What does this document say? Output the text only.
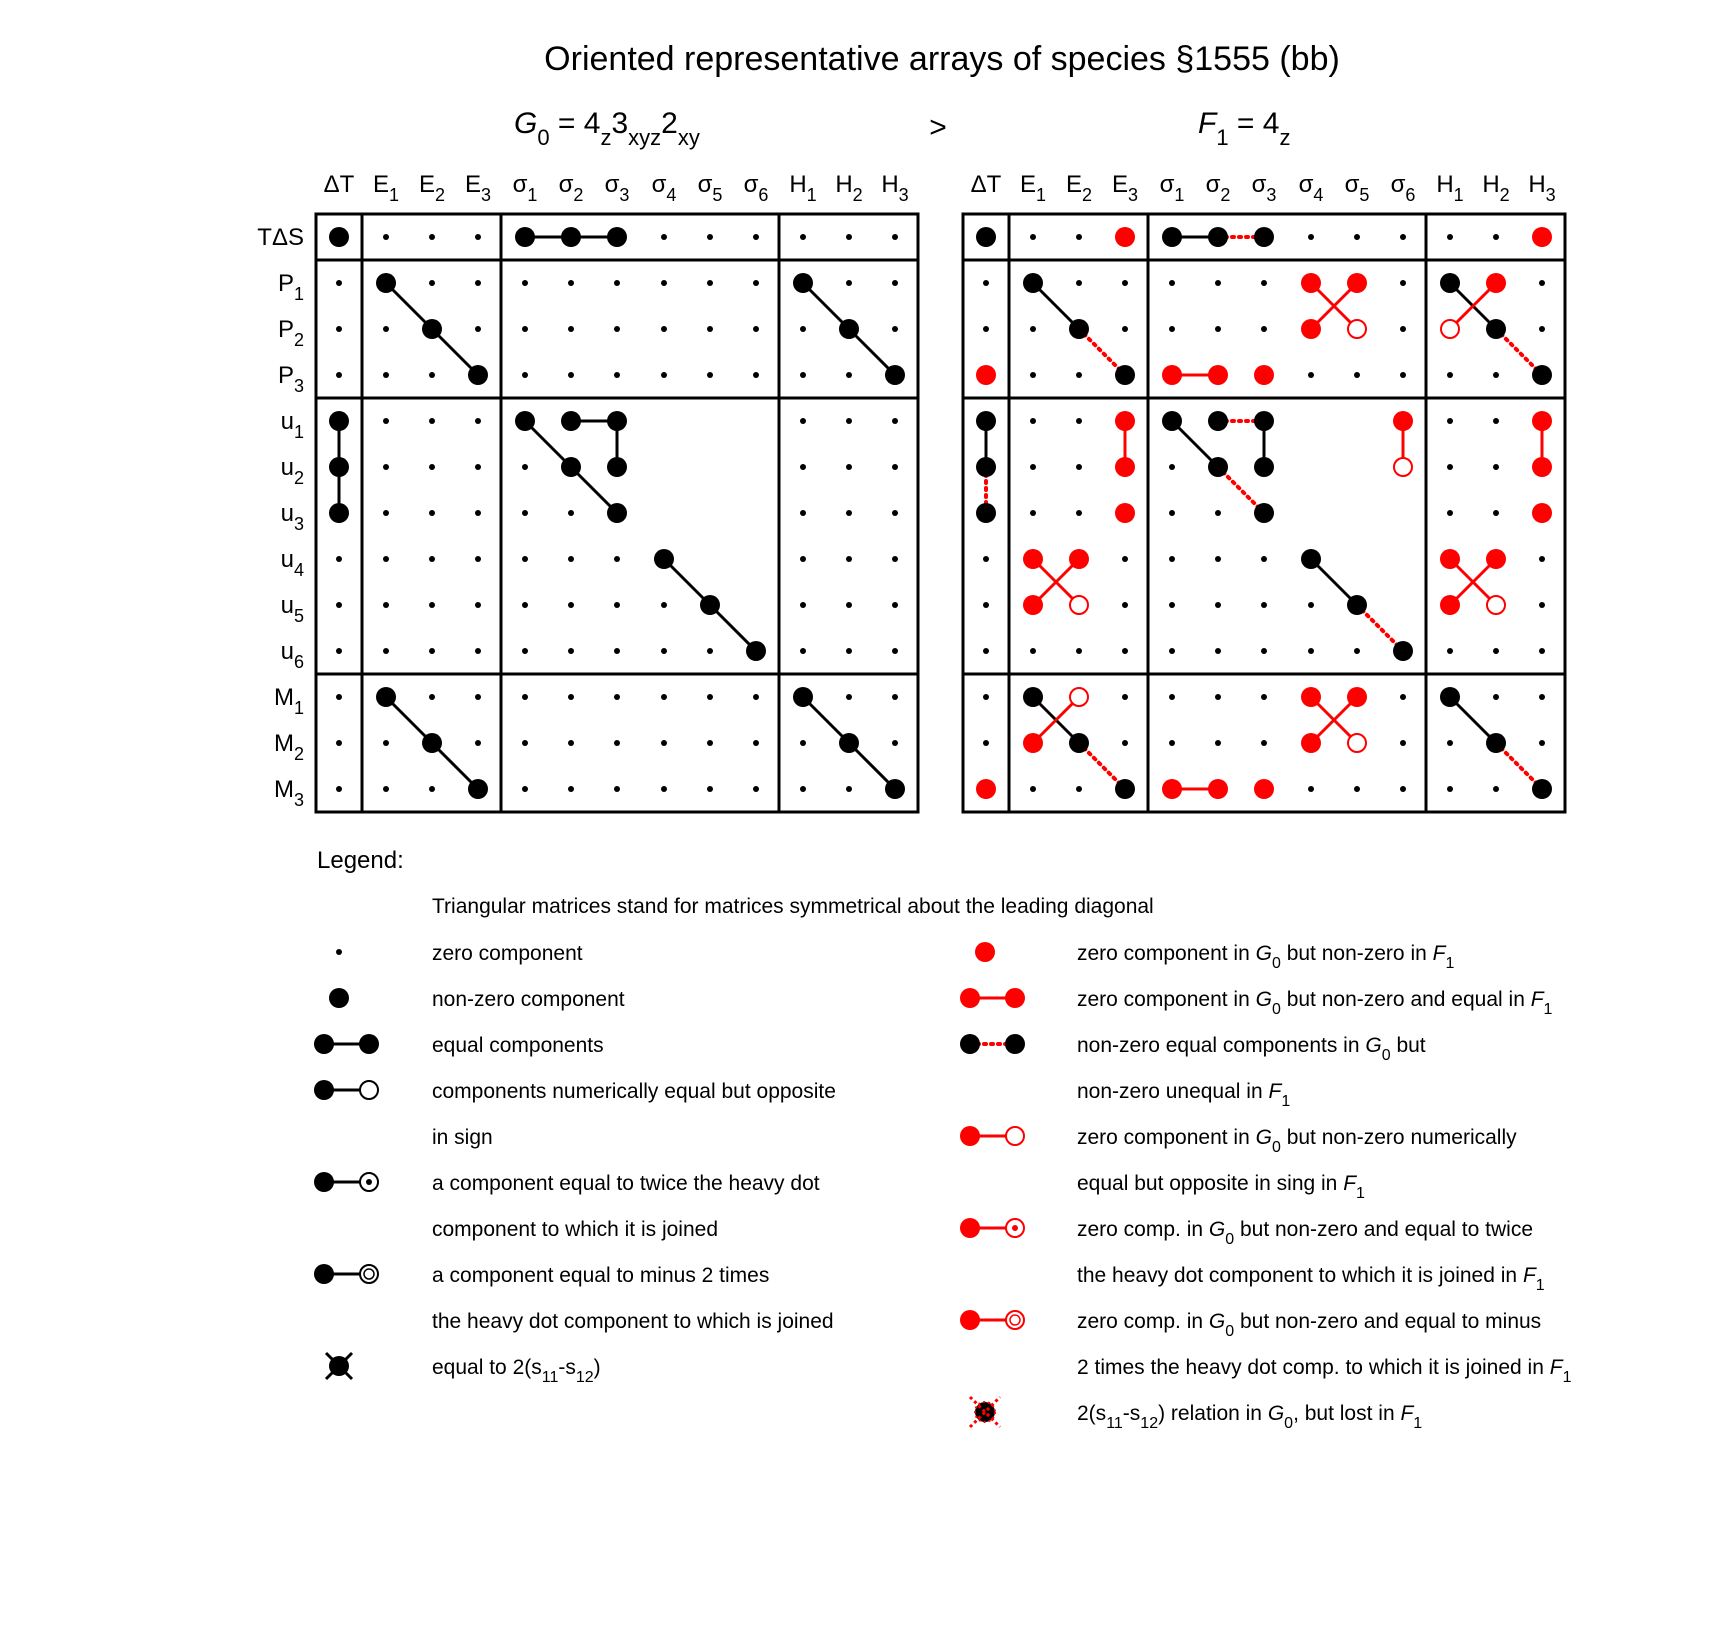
Oriented representative arrays of species §1555 (bb)
$G_0 = 4_z3_{xyz}2_{xy}$	>	$F_1 = 4_z$
ΔT $E_1$ $E_2$ $E_3$ $\sigma_1$ $\sigma_2$ $\sigma_3$ $\sigma_4$ $\sigma_5$ $\sigma_6$ $H_1$ $H_2$ $H_3$
TΔS
$P_1$
$P_2$
$P_3$
$u_1$
$u_2$
$u_3$
$u_4$
$u_5$
$u_6$
$M_1$
$M_2$
$M_3$
ΔT $E_1$ $E_2$ $E_3$ $\sigma_1$ $\sigma_2$ $\sigma_3$ $\sigma_4$ $\sigma_5$ $\sigma_6$ $H_1$ $H_2$ $H_3$
Legend:
Triangular matrices stand for matrices symmetrical about the leading diagonal
zero component
non-zero component
equal components
components numerically equal but opposite
in sign
a component equal to twice the heavy dot
component to which it is joined
a component equal to minus 2 times
the heavy dot component to which is joined
equal to $2(s_{11}-s_{12})$
zero component in $G_0$ but non-zero in $F_1$
zero component in $G_0$ but non-zero and equal in $F_1$
non-zero equal components in $G_0$ but
non-zero unequal in $F_1$
zero component in $G_0$ but non-zero numerically
equal but opposite in sing in $F_1$
zero comp. in $G_0$ but non-zero and equal to twice
the heavy dot component to which it is joined in $F_1$
zero comp. in $G_0$ but non-zero and equal to minus
2 times the heavy dot comp. to which it is joined in $F_1$
$2(s_{11}-s_{12})$ relation in $G_0$, but lost in $F_1$
